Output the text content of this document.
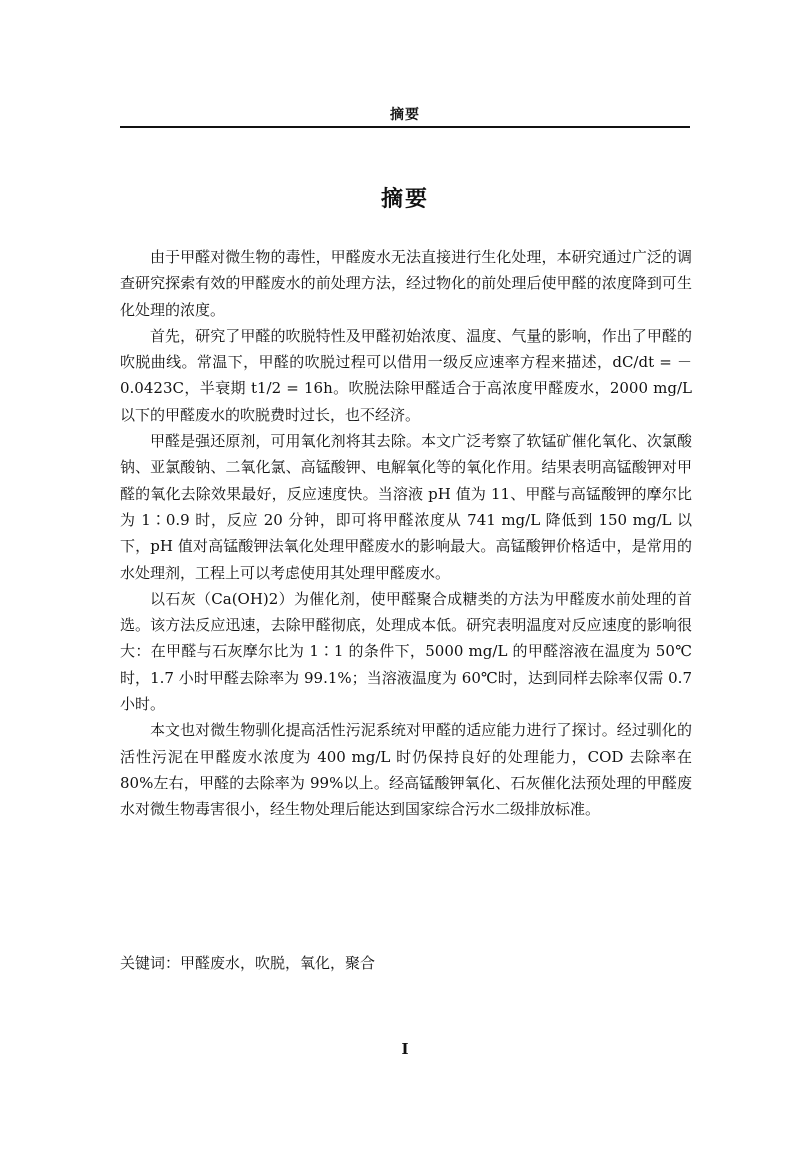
摘要
摘要

由于甲醛对微生物的毒性，甲醛废水无法直接进行生化处理，本研究通过广泛的调查研究探索有效的甲醛废水的前处理方法，经过物化的前处理后使甲醛的浓度降到可生化处理的浓度。

首先，研究了甲醛的吹脱特性及甲醛初始浓度、温度、气量的影响，作出了甲醛的吹脱曲线。常温下，甲醛的吹脱过程可以借用一级反应速率方程来描述，dC/dt = －0.0423C，半衰期 t1/2 = 16h。吹脱法除甲醛适合于高浓度甲醛废水，2000 mg/L 以下的甲醛废水的吹脱费时过长，也不经济。

甲醛是强还原剂，可用氧化剂将其去除。本文广泛考察了软锰矿催化氧化、次氯酸钠、亚氯酸钠、二氧化氯、高锰酸钾、电解氧化等的氧化作用。结果表明高锰酸钾对甲醛的氧化去除效果最好，反应速度快。当溶液 pH 值为 11、甲醛与高锰酸钾的摩尔比为 1∶0.9 时，反应 20 分钟，即可将甲醛浓度从 741 mg/L 降低到 150 mg/L 以下，pH 值对高锰酸钾法氧化处理甲醛废水的影响最大。高锰酸钾价格适中，是常用的水处理剂，工程上可以考虑使用其处理甲醛废水。

以石灰（Ca(OH)2）为催化剂，使甲醛聚合成糖类的方法为甲醛废水前处理的首选。该方法反应迅速，去除甲醛彻底，处理成本低。研究表明温度对反应速度的影响很大：在甲醛与石灰摩尔比为 1∶1 的条件下，5000 mg/L 的甲醛溶液在温度为 50℃时，1.7 小时甲醛去除率为 99.1%；当溶液温度为 60℃时，达到同样去除率仅需 0.7 小时。

本文也对微生物驯化提高活性污泥系统对甲醛的适应能力进行了探讨。经过驯化的活性污泥在甲醛废水浓度为 400 mg/L 时仍保持良好的处理能力，COD 去除率在 80%左右，甲醛的去除率为 99%以上。经高锰酸钾氧化、石灰催化法预处理的甲醛废水对微生物毒害很小，经生物处理后能达到国家综合污水二级排放标准。

关键词：甲醛废水，吹脱，氧化，聚合
I
